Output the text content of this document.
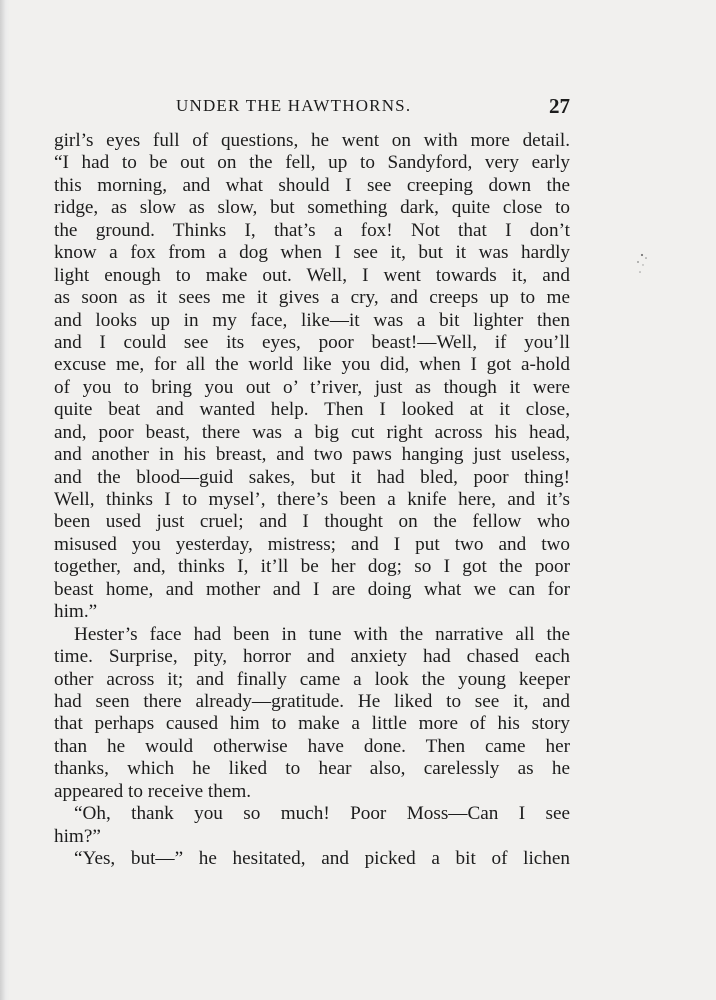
UNDER THE HAWTHORNS.	27
girl’s eyes full of questions, he went on with more detail.
“I had to be out on the fell, up to Sandyford, very early
this morning, and what should I see creeping down the
ridge, as slow as slow, but something dark, quite close to
the ground. Thinks I, that’s a fox! Not that I don’t
know a fox from a dog when I see it, but it was hardly
light enough to make out. Well, I went towards it, and
as soon as it sees me it gives a cry, and creeps up to me
and looks up in my face, like—it was a bit lighter then
and I could see its eyes, poor beast!—Well, if you’ll
excuse me, for all the world like you did, when I got a-hold
of you to bring you out o’ t’river, just as though it were
quite beat and wanted help. Then I looked at it close,
and, poor beast, there was a big cut right across his head,
and another in his breast, and two paws hanging just useless,
and the blood—guid sakes, but it had bled, poor thing!
Well, thinks I to mysel’, there’s been a knife here, and it’s
been used just cruel; and I thought on the fellow who
misused you yesterday, mistress; and I put two and two
together, and, thinks I, it’ll be her dog; so I got the poor
beast home, and mother and I are doing what we can for
him.”
Hester’s face had been in tune with the narrative all the
time. Surprise, pity, horror and anxiety had chased each
other across it; and finally came a look the young keeper
had seen there already—gratitude. He liked to see it, and
that perhaps caused him to make a little more of his story
than he would otherwise have done. Then came her
thanks, which he liked to hear also, carelessly as he
appeared to receive them.
“Oh, thank you so much! Poor Moss—Can I see
him?”
“Yes, but—” he hesitated, and picked a bit of lichen
